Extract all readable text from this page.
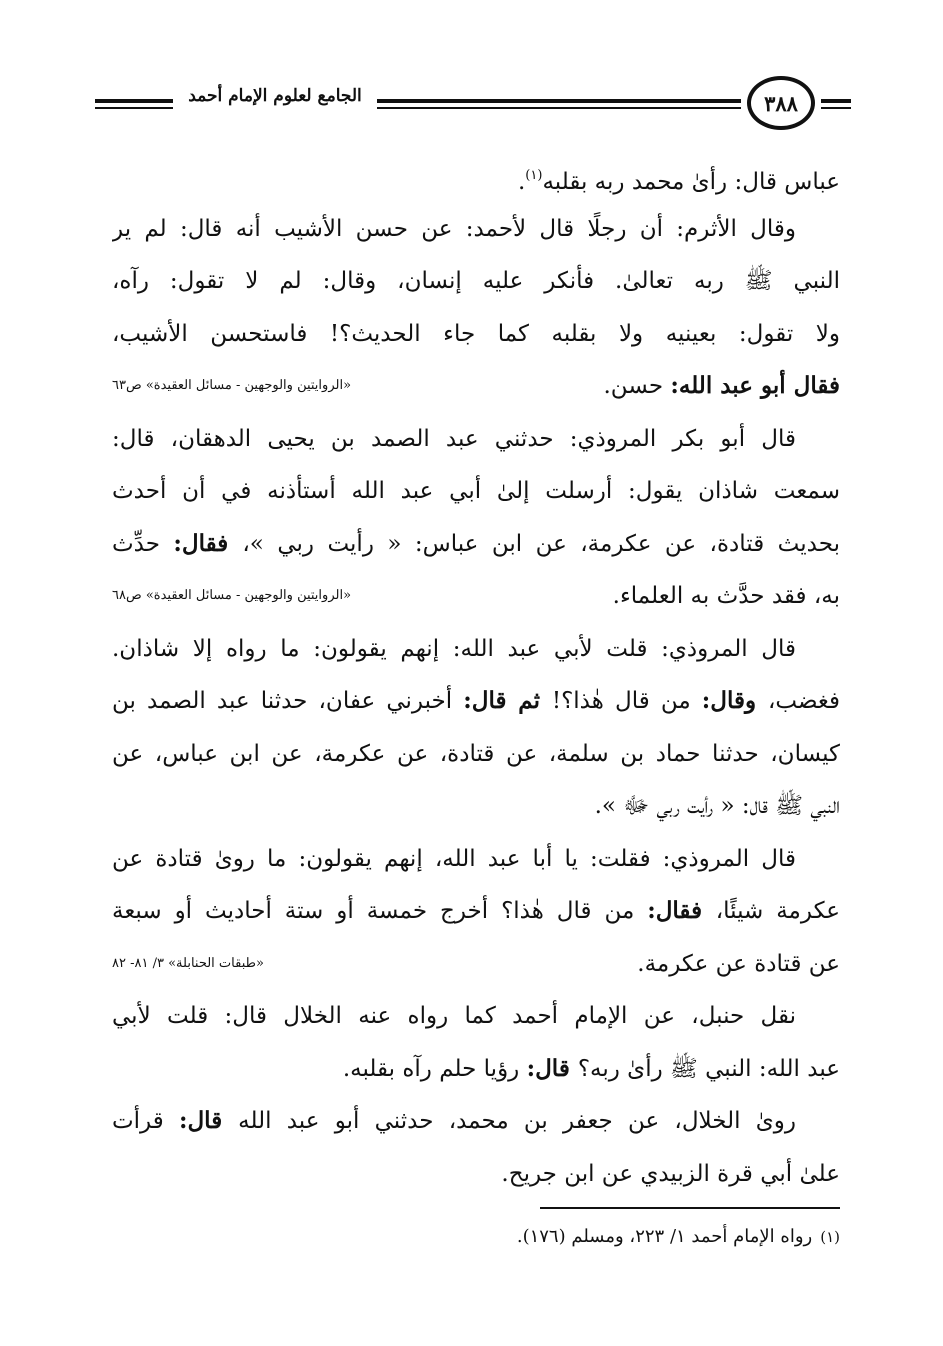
الجامع لعلوم الإمام أحمد	٣٨٨
عباس قال: رأىٰ محمد ربه بقلبه$^{(١)}$.
وقال الأثرم: أن رجلًا قال لأحمد: عن حسن الأشيب أنه قال: لم ير
النبي ﷺ ربه تعالىٰ. فأنكر عليه إنسان، وقال: لم لا تقول: رآه،
ولا تقول: بعينيه ولا بقلبه كما جاء الحديث؟! فاستحسن الأشيب،
فقال أبو عبد الله: حسن.
«الروايتين والوجهين - مسائل العقيدة» ص٦٣
قال أبو بكر المروذي: حدثني عبد الصمد بن يحيى الدهقان، قال:
سمعت شاذان يقول: أرسلت إلىٰ أبي عبد الله أستأذنه في أن أحدث
بحديث قتادة، عن عكرمة، عن ابن عباس: « رأيت ربي »، فقال: حدِّث
به، فقد حدَّث به العلماء.
«الروايتين والوجهين - مسائل العقيدة» ص٦٨
قال المروذي: قلت لأبي عبد الله: إنهم يقولون: ما رواه إلا شاذان.
فغضب، وقال: من قال هٰذا؟! ثم قال: أخبرني عفان، حدثنا عبد الصمد بن
كيسان، حدثنا حماد بن سلمة، عن قتادة، عن عكرمة، عن ابن عباس، عن
النبي ﷺ قال: « رأيت ربي ﷻ ».
قال المروذي: فقلت: يا أبا عبد الله، إنهم يقولون: ما رویٰ قتادة عن
عكرمة شيئًا، فقال: من قال هٰذا؟ أخرج خمسة أو ستة أحاديث أو سبعة
عن قتادة عن عكرمة.
«طبقات الحنابلة» ٣/ ٨١- ٨٢
نقل حنبل، عن الإمام أحمد كما رواه عنه الخلال قال: قلت لأبي
عبد الله: النبي ﷺ رأىٰ ربه؟ قال: رؤيا حلم رآه بقلبه.
روىٰ الخلال، عن جعفر بن محمد، حدثني أبو عبد الله قال: قرأت
علىٰ أبي قرة الزبيدي عن ابن جريح.
(١)رواه الإمام أحمد ١/ ٢٢٣، ومسلم (١٧٦).
